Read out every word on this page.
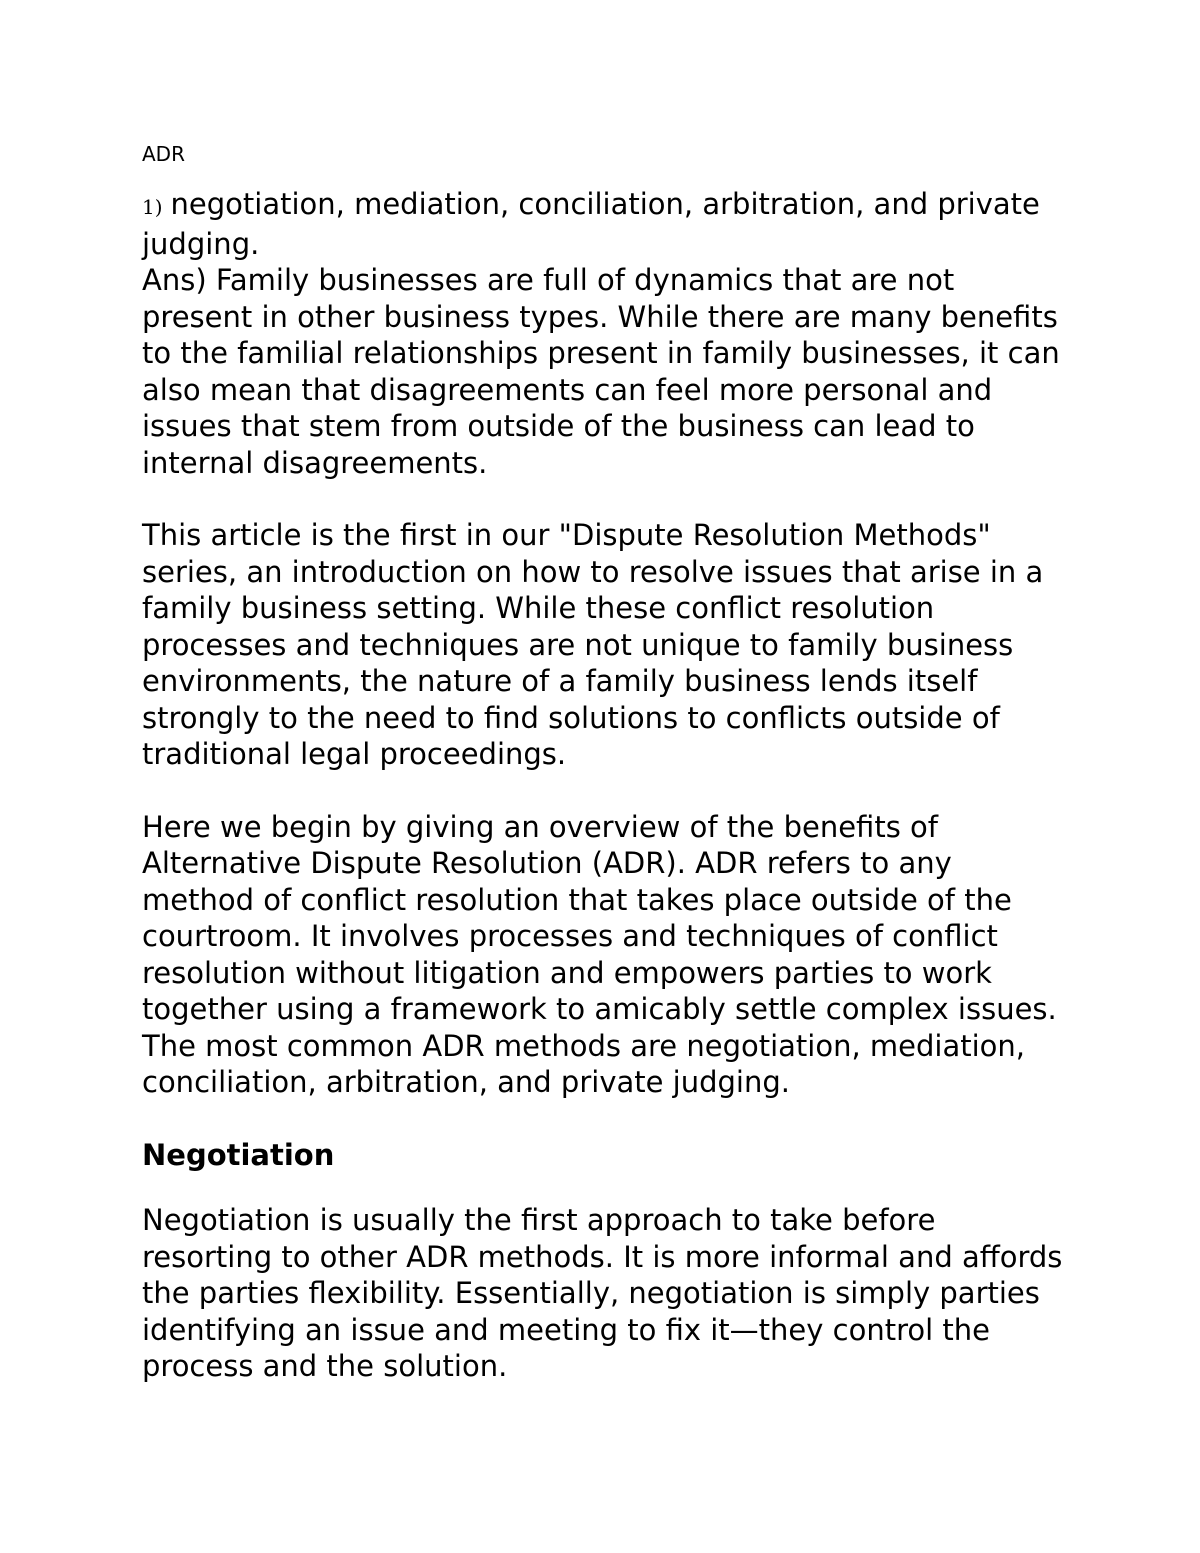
ADR

1) negotiation, mediation, conciliation, arbitration, and private judging.

Ans) Family businesses are full of dynamics that are not present in other business types. While there are many benefits to the familial relationships present in family businesses, it can also mean that disagreements can feel more personal and issues that stem from outside of the business can lead to internal disagreements.

This article is the first in our "Dispute Resolution Methods" series, an introduction on how to resolve issues that arise in a family business setting. While these conflict resolution processes and techniques are not unique to family business environments, the nature of a family business lends itself strongly to the need to find solutions to conflicts outside of traditional legal proceedings.

Here we begin by giving an overview of the benefits of Alternative Dispute Resolution (ADR). ADR refers to any method of conflict resolution that takes place outside of the courtroom. It involves processes and techniques of conflict resolution without litigation and empowers parties to work together using a framework to amicably settle complex issues. The most common ADR methods are negotiation, mediation, conciliation, arbitration, and private judging.

Negotiation

Negotiation is usually the first approach to take before resorting to other ADR methods. It is more informal and affords the parties flexibility. Essentially, negotiation is simply parties identifying an issue and meeting to fix it—they control the process and the solution.
